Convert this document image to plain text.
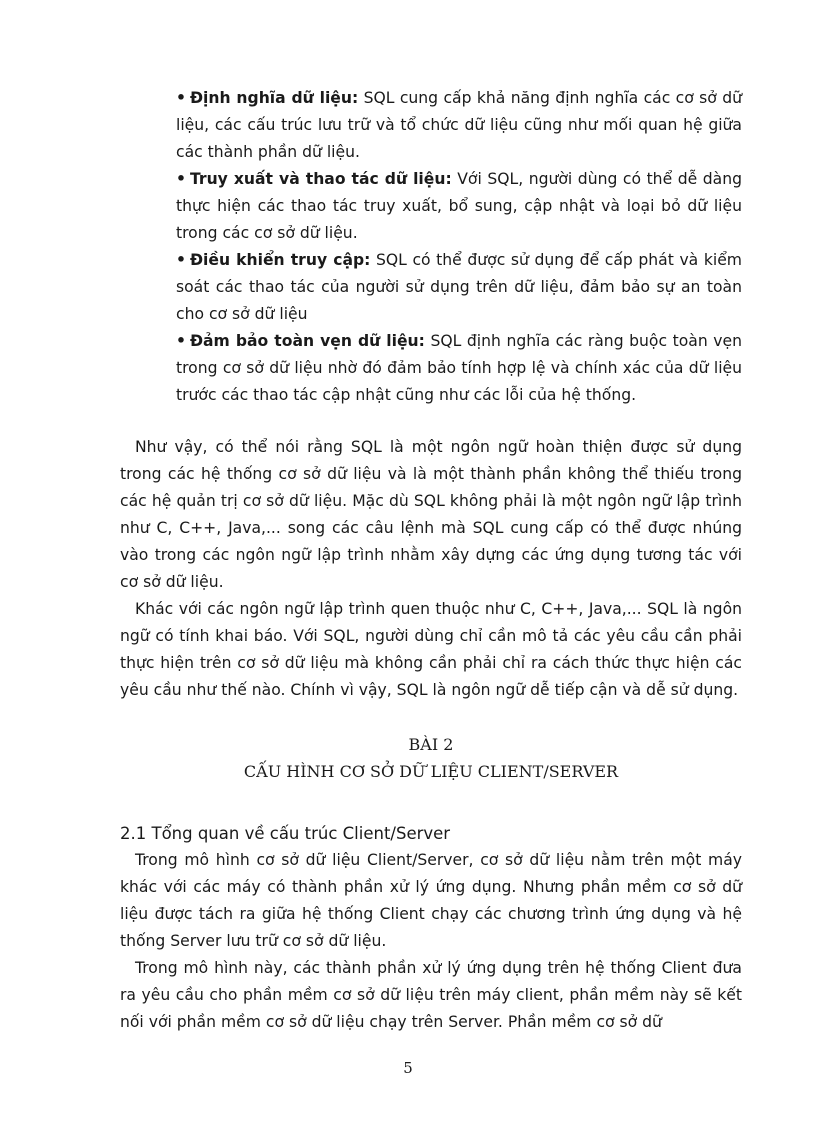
• Định nghĩa dữ liệu: SQL cung cấp khả năng định nghĩa các cơ sở dữ liệu, các cấu trúc lưu trữ và tổ chức dữ liệu cũng như mối quan hệ giữa các thành phần dữ liệu.

• Truy xuất và thao tác dữ liệu: Với SQL, người dùng có thể dễ dàng thực hiện các thao tác truy xuất, bổ sung, cập nhật và loại bỏ dữ liệu trong các cơ sở dữ liệu.

• Điều khiển truy cập: SQL có thể được sử dụng để cấp phát và kiểm soát các thao tác của người sử dụng trên dữ liệu, đảm bảo sự an toàn cho cơ sở dữ liệu

• Đảm bảo toàn vẹn dữ liệu: SQL định nghĩa các ràng buộc toàn vẹn trong cơ sở dữ liệu nhờ đó đảm bảo tính hợp lệ và chính xác của dữ liệu trước các thao tác cập nhật cũng như các lỗi của hệ thống.

Như vậy, có thể nói rằng SQL là một ngôn ngữ hoàn thiện được sử dụng trong các hệ thống cơ sở dữ liệu và là một thành phần không thể thiếu trong các hệ quản trị cơ sở dữ liệu. Mặc dù SQL không phải là một ngôn ngữ lập trình như C, C++, Java,... song các câu lệnh mà SQL cung cấp có thể được nhúng vào trong các ngôn ngữ lập trình nhằm xây dựng các ứng dụng tương tác với cơ sở dữ liệu.

Khác với các ngôn ngữ lập trình quen thuộc như C, C++, Java,... SQL là ngôn ngữ có tính khai báo. Với SQL, người dùng chỉ cần mô tả các yêu cầu cần phải thực hiện trên cơ sở dữ liệu mà không cần phải chỉ ra cách thức thực hiện các yêu cầu như thế nào. Chính vì vậy, SQL là ngôn ngữ dễ tiếp cận và dễ sử dụng.

BÀI 2

CẤU HÌNH CƠ SỞ DỮ LIỆU CLIENT/SERVER

2.1 Tổng quan về cấu trúc Client/Server

Trong mô hình cơ sở dữ liệu Client/Server, cơ sở dữ liệu nằm trên một máy khác với các máy có thành phần xử lý ứng dụng. Nhưng phần mềm cơ sở dữ liệu được tách ra giữa hệ thống Client chạy các chương trình ứng dụng và hệ thống Server lưu trữ cơ sở dữ liệu.

Trong mô hình này, các thành phần xử lý ứng dụng trên hệ thống Client đưa ra yêu cầu cho phần mềm cơ sở dữ liệu trên máy client, phần mềm này sẽ kết nối với phần mềm cơ sở dữ liệu chạy trên Server. Phần mềm cơ sở dữ

5
